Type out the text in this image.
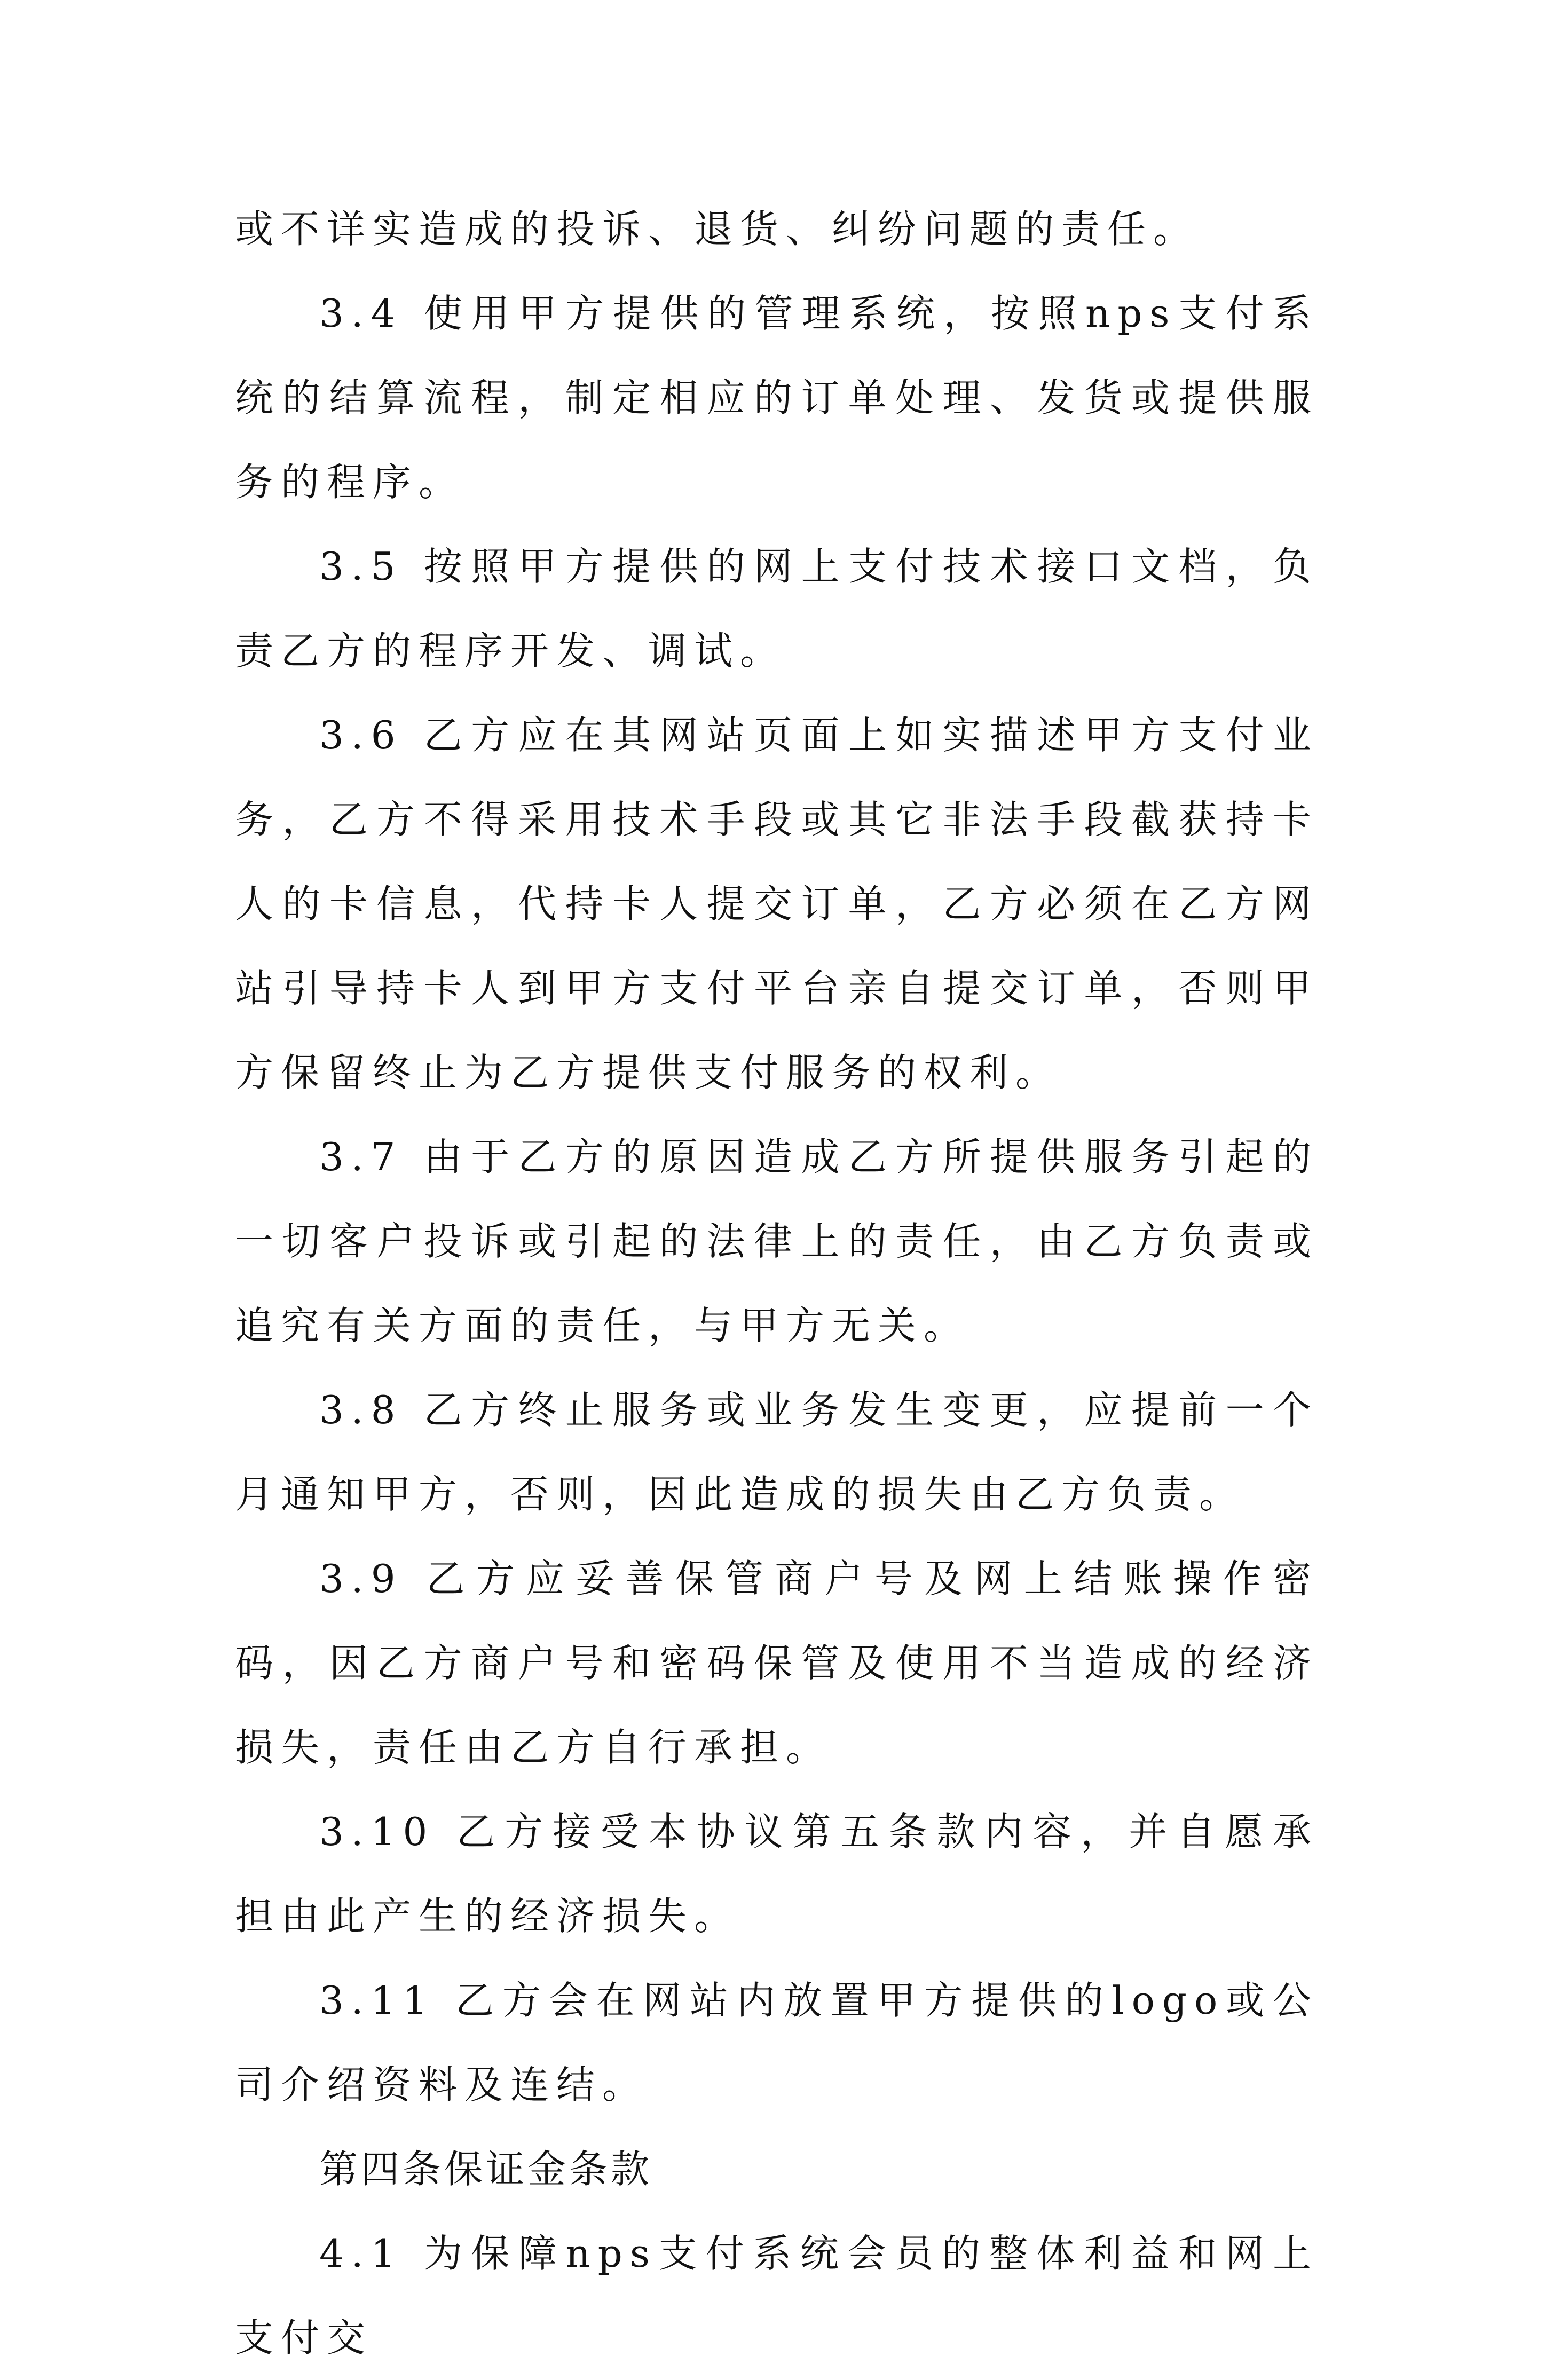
或不详实造成的投诉、退货、纠纷问题的责任。

3.4 使用甲方提供的管理系统，按照nps支付系统的结算流程，制定相应的订单处理、发货或提供服务的程序。

3.5 按照甲方提供的网上支付技术接口文档，负责乙方的程序开发、调试。

3.6 乙方应在其网站页面上如实描述甲方支付业务，乙方不得采用技术手段或其它非法手段截获持卡人的卡信息，代持卡人提交订单，乙方必须在乙方网站引导持卡人到甲方支付平台亲自提交订单，否则甲方保留终止为乙方提供支付服务的权利。

3.7 由于乙方的原因造成乙方所提供服务引起的一切客户投诉或引起的法律上的责任，由乙方负责或追究有关方面的责任，与甲方无关。

3.8 乙方终止服务或业务发生变更，应提前一个月通知甲方，否则，因此造成的损失由乙方负责。

3.9 乙方应妥善保管商户号及网上结账操作密码，因乙方商户号和密码保管及使用不当造成的经济损失，责任由乙方自行承担。

3.10 乙方接受本协议第五条款内容，并自愿承担由此产生的经济损失。

3.11 乙方会在网站内放置甲方提供的logo或公司介绍资料及连结。

第四条保证金条款

4.1 为保障nps支付系统会员的整体利益和网上支付交
